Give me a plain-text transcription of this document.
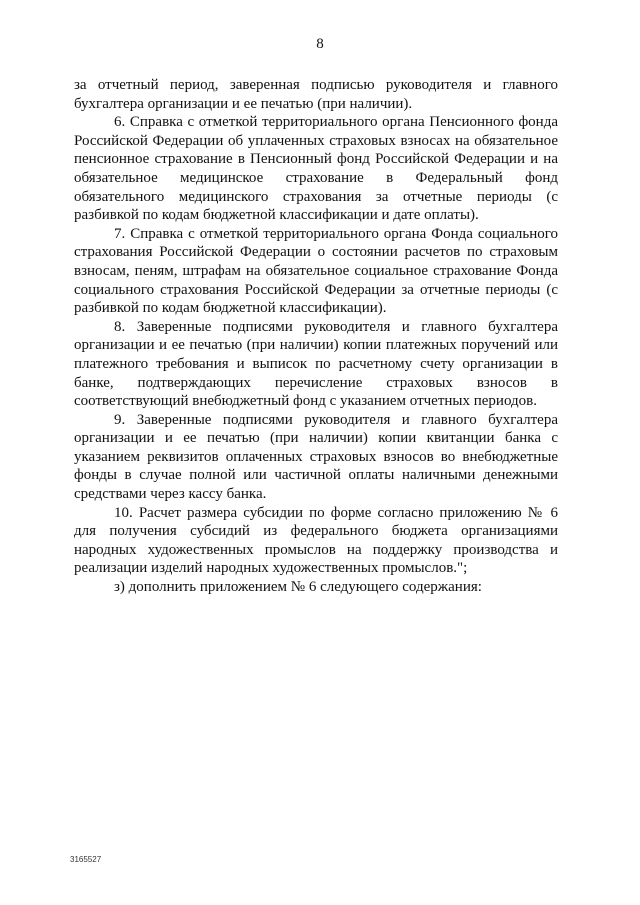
8

за отчетный период, заверенная подписью руководителя и главного бухгалтера организации и ее печатью (при наличии).

6. Справка с отметкой территориального органа Пенсионного фонда Российской Федерации об уплаченных страховых взносах на обязательное пенсионное страхование в Пенсионный фонд Российской Федерации и на обязательное медицинское страхование в Федеральный фонд обязательного медицинского страхования за отчетные периоды (с разбивкой по кодам бюджетной классификации и дате оплаты).

7. Справка с отметкой территориального органа Фонда социального страхования Российской Федерации о состоянии расчетов по страховым взносам, пеням, штрафам на обязательное социальное страхование Фонда социального страхования Российской Федерации за отчетные периоды (с разбивкой по кодам бюджетной классификации).

8. Заверенные подписями руководителя и главного бухгалтера организации и ее печатью (при наличии) копии платежных поручений или платежного требования и выписок по расчетному счету организации в банке, подтверждающих перечисление страховых взносов в соответствующий внебюджетный фонд с указанием отчетных периодов.

9. Заверенные подписями руководителя и главного бухгалтера организации и ее печатью (при наличии) копии квитанции банка с указанием реквизитов оплаченных страховых взносов во внебюджетные фонды в случае полной или частичной оплаты наличными денежными средствами через кассу банка.

10. Расчет размера субсидии по форме согласно приложению № 6 для получения субсидий из федерального бюджета организациями народных художественных промыслов на поддержку производства и реализации изделий народных художественных промыслов.";

з) дополнить приложением № 6 следующего содержания:

3165527
